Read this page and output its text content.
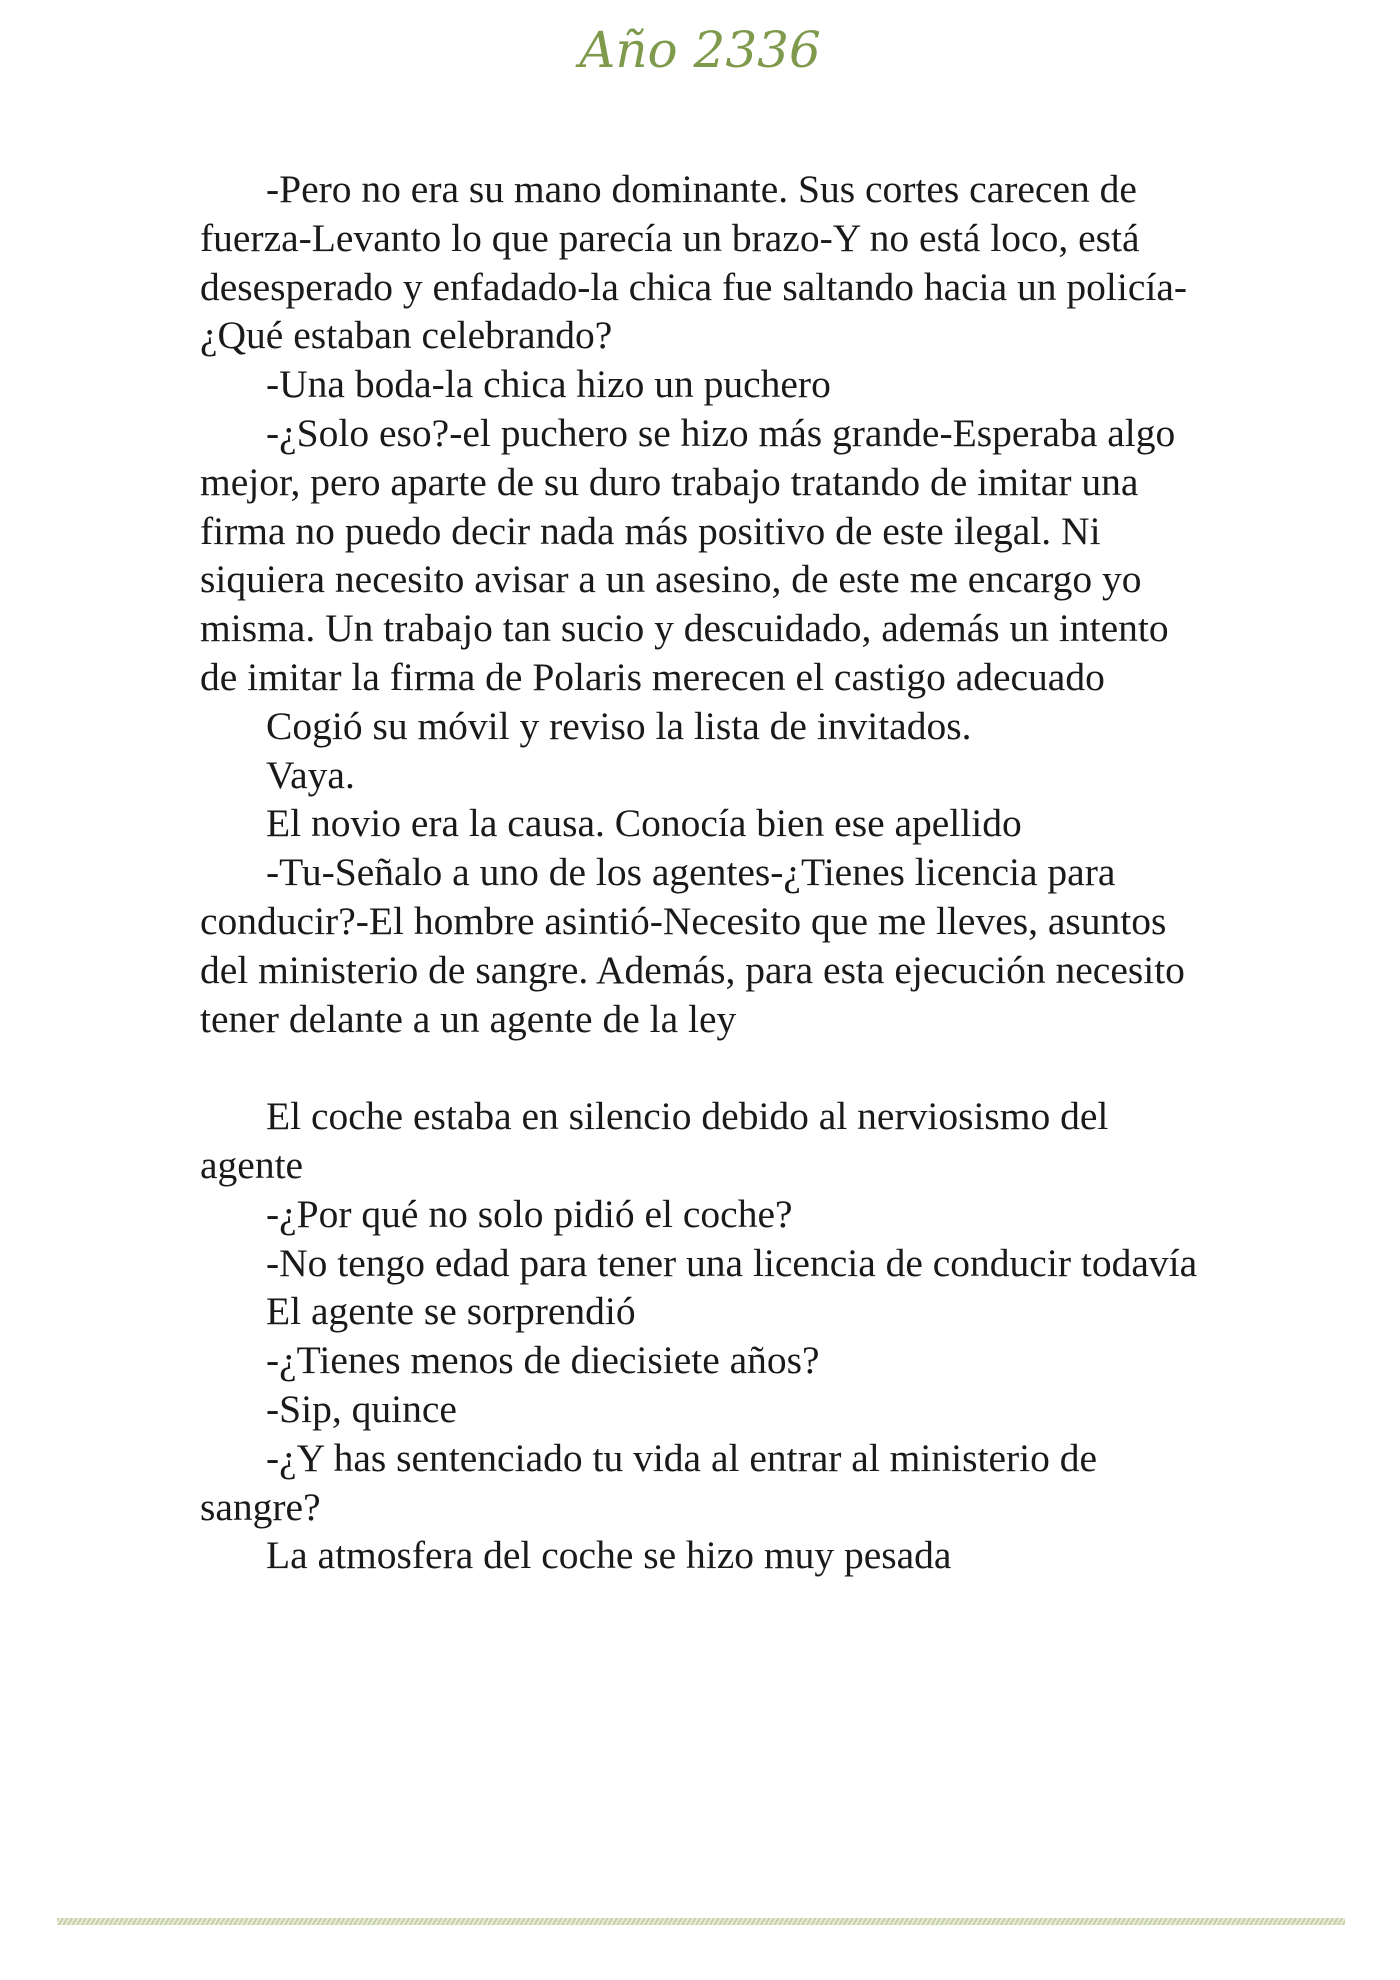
Año 2336

-Pero no era su mano dominante. Sus cortes carecen de fuerza-Levanto lo que parecía un brazo-Y no está loco, está desesperado y enfadado-la chica fue saltando hacia un policía-¿Qué estaban celebrando?

-Una boda-la chica hizo un puchero

-¿Solo eso?-el puchero se hizo más grande-Esperaba algo mejor, pero aparte de su duro trabajo tratando de imitar una firma no puedo decir nada más positivo de este ilegal. Ni siquiera necesito avisar a un asesino, de este me encargo yo misma. Un trabajo tan sucio y descuidado, además un intento de imitar la firma de Polaris merecen el castigo adecuado

Cogió su móvil y reviso la lista de invitados.

Vaya.

El novio era la causa. Conocía bien ese apellido

-Tu-Señalo a uno de los agentes-¿Tienes licencia para conducir?-El hombre asintió-Necesito que me lleves, asuntos del ministerio de sangre. Además, para esta ejecución necesito tener delante a un agente de la ley

El coche estaba en silencio debido al nerviosismo del agente

-¿Por qué no solo pidió el coche?

-No tengo edad para tener una licencia de conducir todavía

El agente se sorprendió

-¿Tienes menos de diecisiete años?

-Sip, quince

-¿Y has sentenciado tu vida al entrar al ministerio de sangre?

La atmosfera del coche se hizo muy pesada
